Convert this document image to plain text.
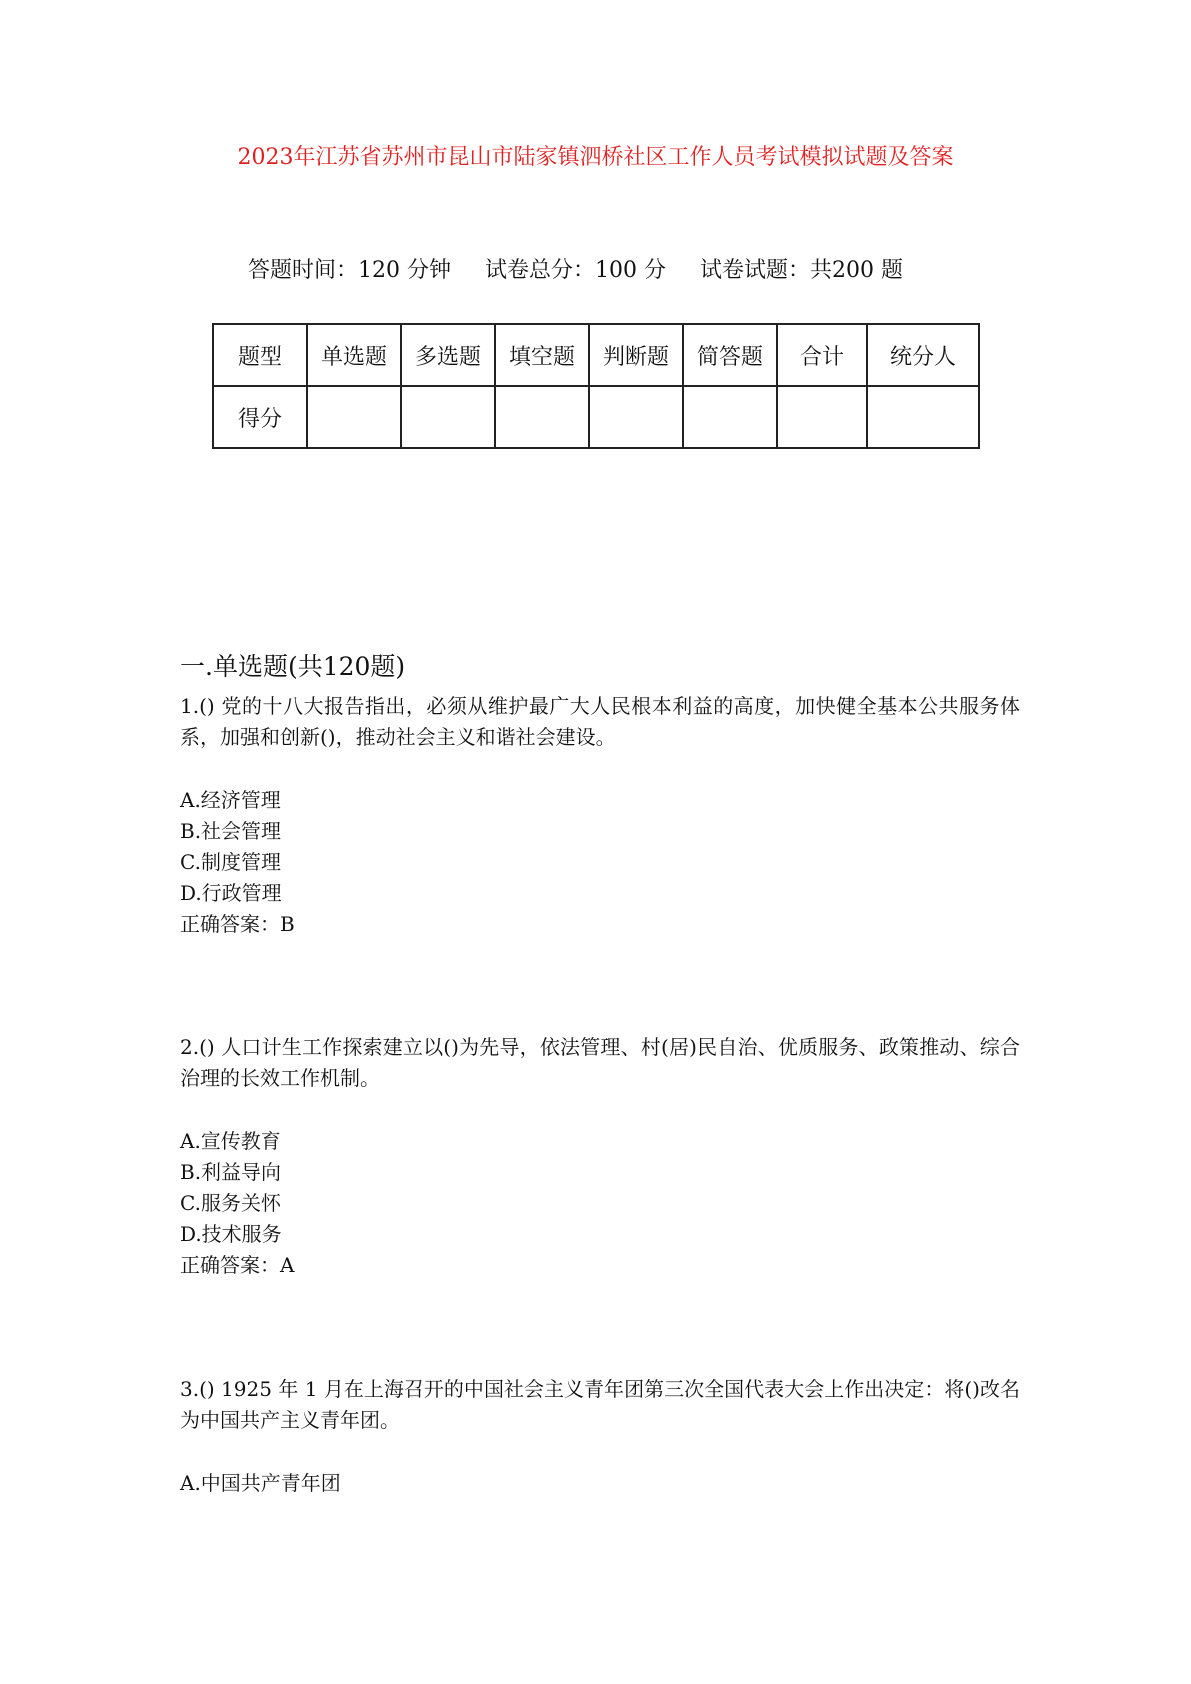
2023年江苏省苏州市昆山市陆家镇泗桥社区工作人员考试模拟试题及答案
答题时间：120 分钟 试卷总分：100 分 试卷试题：共200 题
题型	单选题	多选题	填空题	判断题	简答题	合计	统分人
得分							
一.单选题(共120题)
1.() 党的十八大报告指出，必须从维护最广大人民根本利益的高度，加快健全基本公共服务体系，加强和创新()，推动社会主义和谐社会建设。
A.经济管理
B.社会管理
C.制度管理
D.行政管理
正确答案：B
2.() 人口计生工作探索建立以()为先导，依法管理、村(居)民自治、优质服务、政策推动、综合治理的长效工作机制。
A.宣传教育
B.利益导向
C.服务关怀
D.技术服务
正确答案：A
3.() 1925 年 1 月在上海召开的中国社会主义青年团第三次全国代表大会上作出决定：将()改名为中国共产主义青年团。
A.中国共产青年团
